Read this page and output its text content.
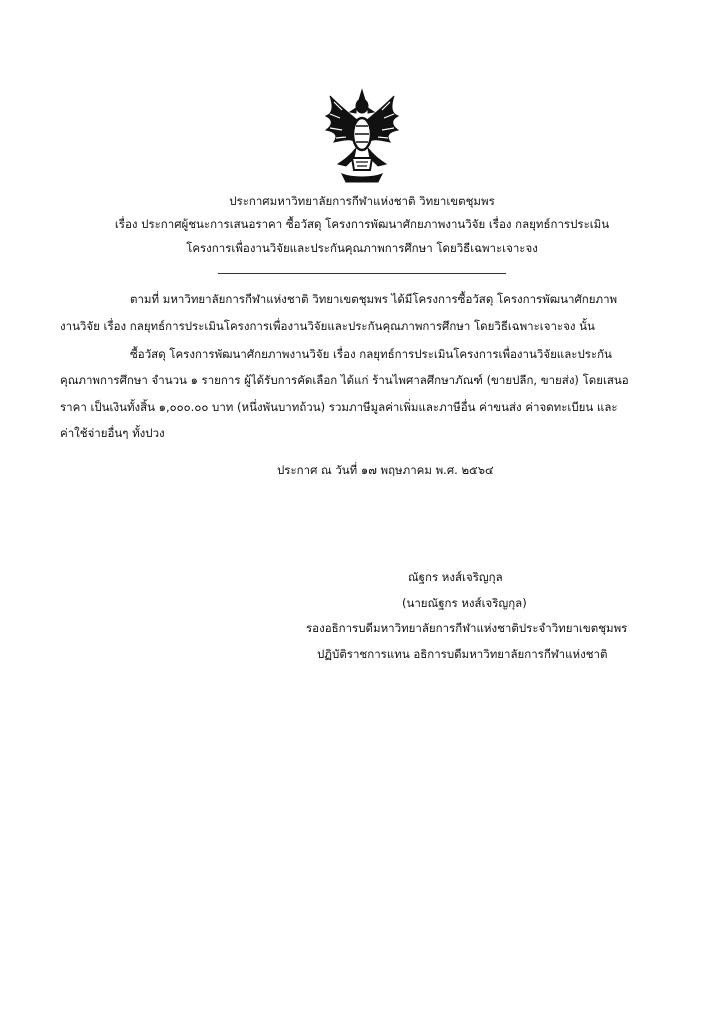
ประกาศมหาวิทยาลัยการกีฬาแห่งชาติ วิทยาเขตชุมพร
เรื่อง ประกาศผู้ชนะการเสนอราคา ซื้อวัสดุ โครงการพัฒนาศักยภาพงานวิจัย เรื่อง กลยุทธ์การประเมิน
โครงการเพื่องานวิจัยและประกันคุณภาพการศึกษา โดยวิธีเฉพาะเจาะจง
ตามที่ มหาวิทยาลัยการกีฬาแห่งชาติ วิทยาเขตชุมพร ได้มีโครงการซื้อวัสดุ โครงการพัฒนาศักยภาพ
งานวิจัย เรื่อง กลยุทธ์การประเมินโครงการเพื่องานวิจัยและประกันคุณภาพการศึกษา โดยวิธีเฉพาะเจาะจง นั้น
ซื้อวัสดุ โครงการพัฒนาศักยภาพงานวิจัย เรื่อง กลยุทธ์การประเมินโครงการเพื่องานวิจัยและประกัน
คุณภาพการศึกษา จำนวน ๑ รายการ ผู้ได้รับการคัดเลือก ได้แก่ ร้านไพศาลศึกษาภัณฑ์ (ขายปลีก, ขายส่ง) โดยเสนอ
ราคา เป็นเงินทั้งสิ้น ๑,๐๐๐.๐๐ บาท (หนึ่งพันบาทถ้วน) รวมภาษีมูลค่าเพิ่มและภาษีอื่น ค่าขนส่ง ค่าจดทะเบียน และ
ค่าใช้จ่ายอื่นๆ ทั้งปวง
ประกาศ ณ วันที่ ๑๗ พฤษภาคม พ.ศ. ๒๕๖๔
ณัฐกร หงส์เจริญกุล
(นายณัฐกร หงส์เจริญกุล)
รองอธิการบดีมหาวิทยาลัยการกีฬาแห่งชาติประจำวิทยาเขตชุมพร
ปฏิบัติราชการแทน อธิการบดีมหาวิทยาลัยการกีฬาแห่งชาติ
